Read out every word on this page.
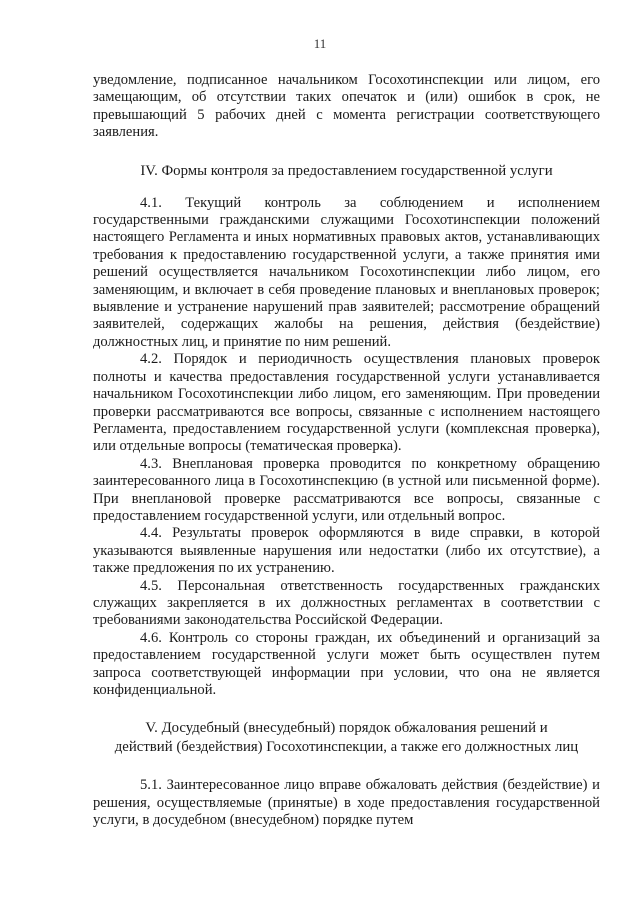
11

уведомление, подписанное начальником Госохотинспекции или лицом, его замещающим, об отсутствии таких опечаток и (или) ошибок в срок, не превышающий 5 рабочих дней с момента регистрации соответствующего заявления.

IV. Формы контроля за предоставлением государственной услуги

4.1. Текущий контроль за соблюдением и исполнением государственными гражданскими служащими Госохотинспекции положений настоящего Регламента и иных нормативных правовых актов, устанавливающих требования к предоставлению государственной услуги, а также принятия ими решений осуществляется начальником Госохотинспекции либо лицом, его заменяющим, и включает в себя проведение плановых и внеплановых проверок; выявление и устранение нарушений прав заявителей; рассмотрение обращений заявителей, содержащих жалобы на решения, действия (бездействие) должностных лиц, и принятие по ним решений.

4.2. Порядок и периодичность осуществления плановых проверок полноты и качества предоставления государственной услуги устанавливается начальником Госохотинспекции либо лицом, его заменяющим. При проведении проверки рассматриваются все вопросы, связанные с исполнением настоящего Регламента, предоставлением государственной услуги (комплексная проверка), или отдельные вопросы (тематическая проверка).

4.3. Внеплановая проверка проводится по конкретному обращению заинтересованного лица в Госохотинспекцию (в устной или письменной форме). При внеплановой проверке рассматриваются все вопросы, связанные с предоставлением государственной услуги, или отдельный вопрос.

4.4. Результаты проверок оформляются в виде справки, в которой указываются выявленные нарушения или недостатки (либо их отсутствие), а также предложения по их устранению.

4.5. Персональная ответственность государственных гражданских служащих закрепляется в их должностных регламентах в соответствии с требованиями законодательства Российской Федерации.

4.6. Контроль со стороны граждан, их объединений и организаций за предоставлением государственной услуги может быть осуществлен путем запроса соответствующей информации при условии, что она не является конфиденциальной.

V. Досудебный (внесудебный) порядок обжалования решений и
действий (бездействия) Госохотинспекции, а также его должностных лиц

5.1. Заинтересованное лицо вправе обжаловать действия (бездействие) и решения, осуществляемые (принятые) в ходе предоставления государственной услуги, в досудебном (внесудебном) порядке путем
